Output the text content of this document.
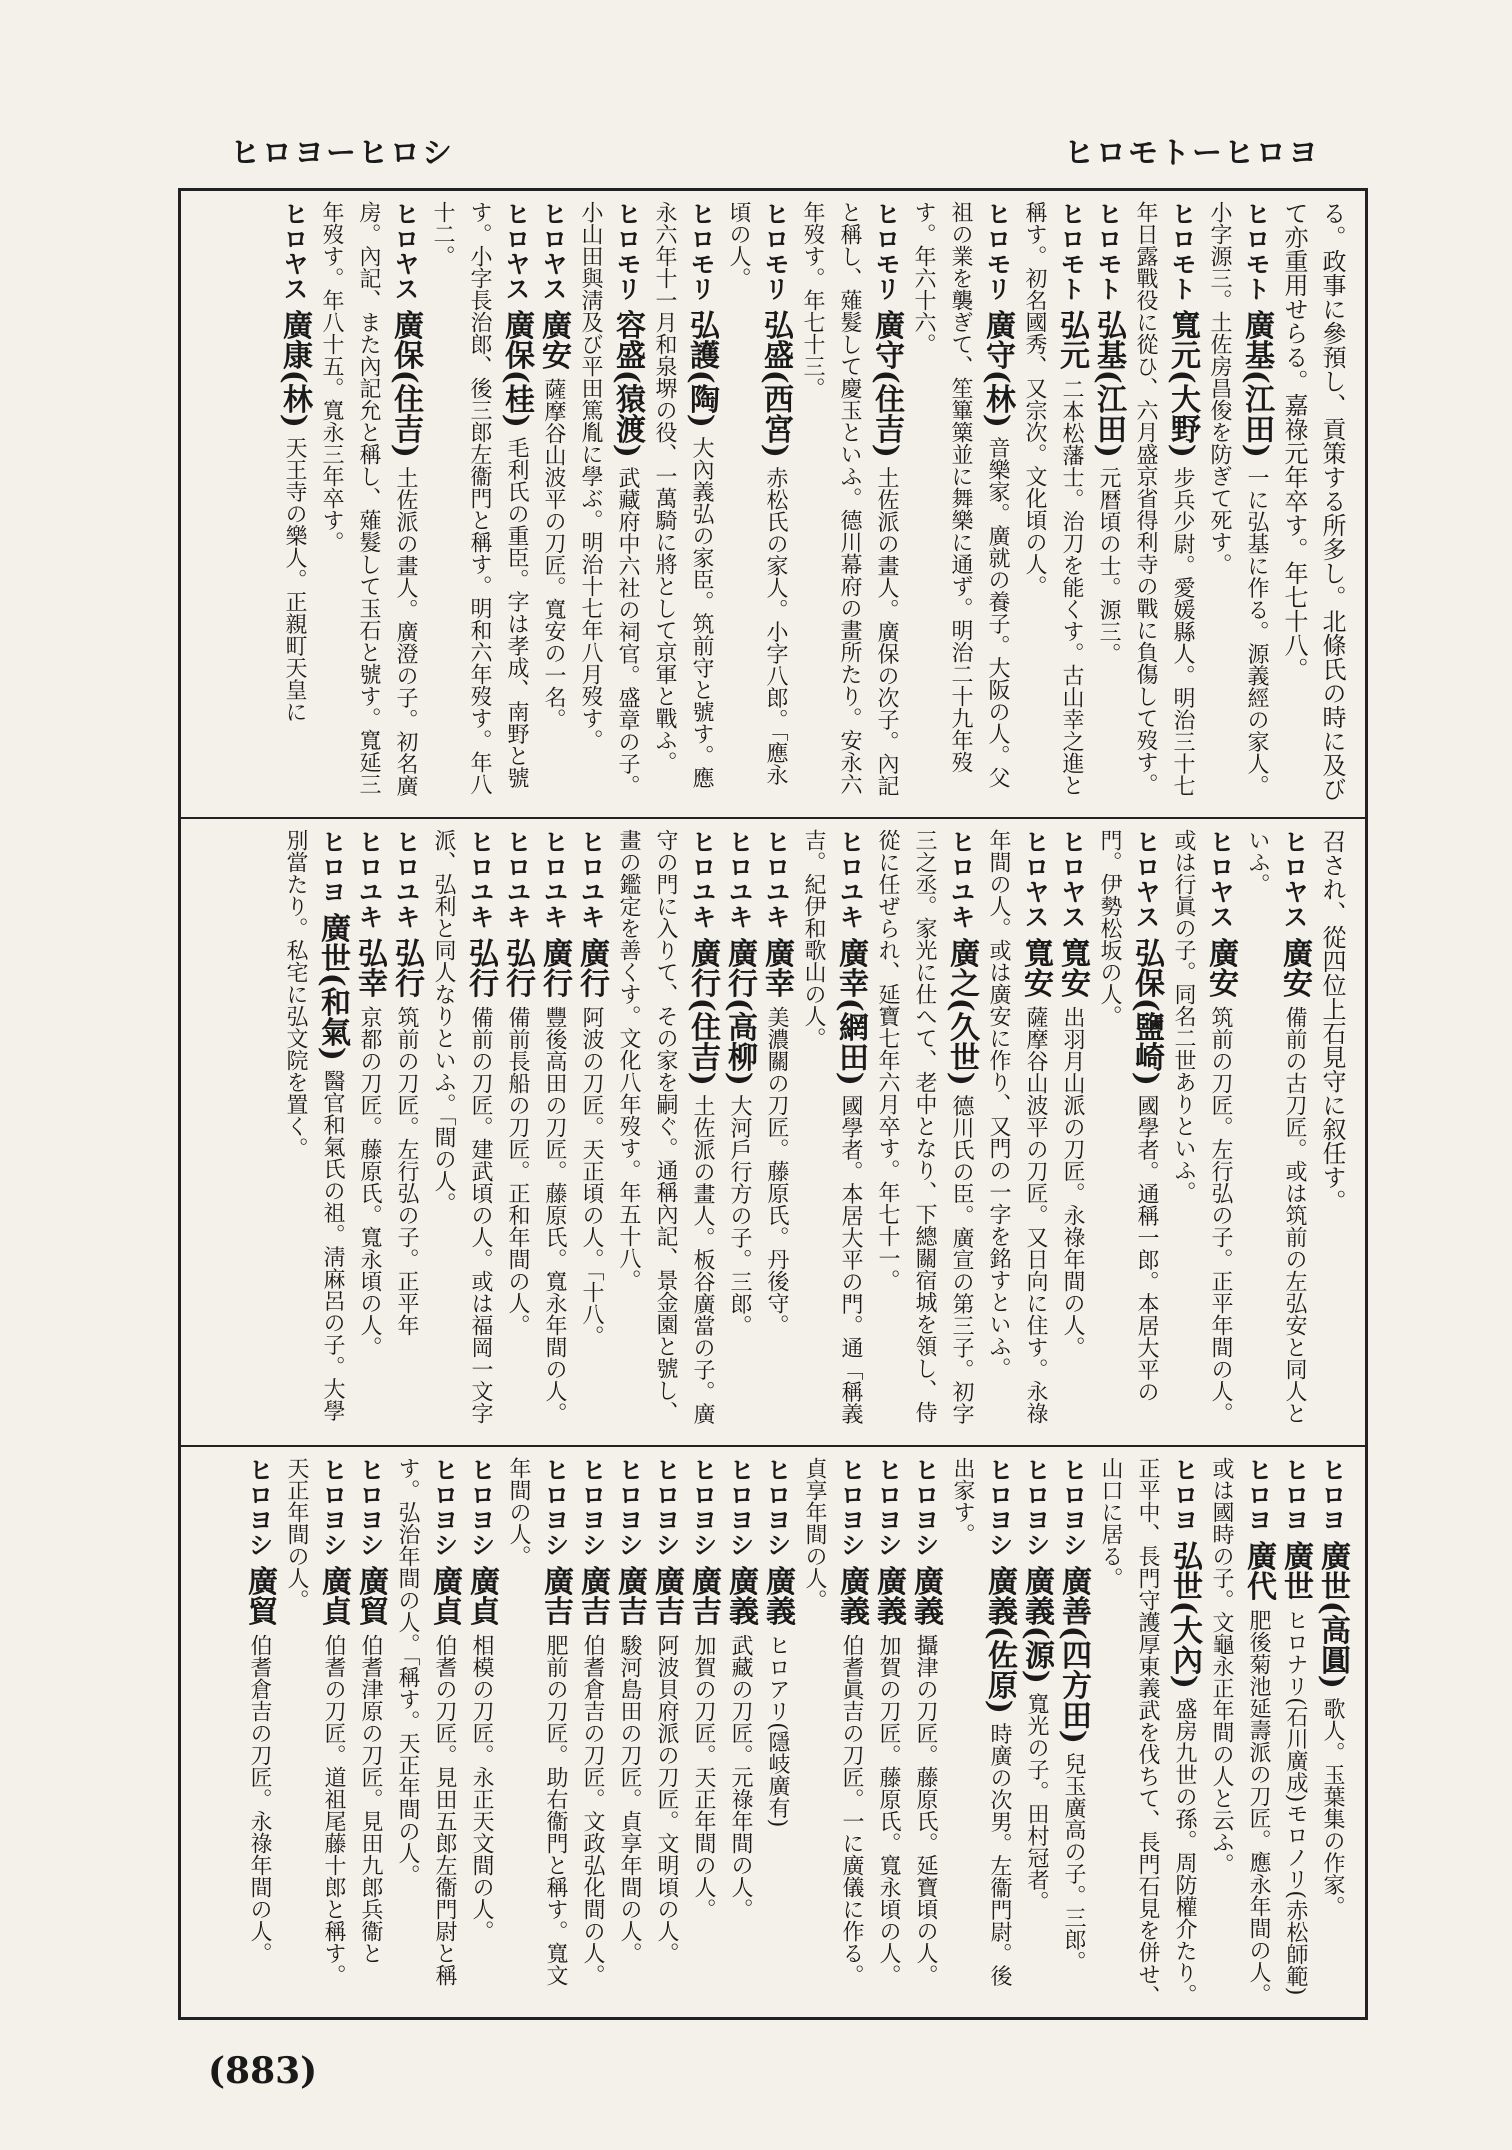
ヒロヨーヒロシ	ヒロモトーヒロヨ

る。政事に參預し、貢策する所多し。北條氏の時に及びて亦重用せらる。嘉祿元年卒す。年七十八。

ヒロモト 廣基(江田) 一に弘基に作る。源義經の家人。小字源三。土佐房昌俊を防ぎて死す。

ヒロモト 寬元(大野) 步兵少尉。愛媛縣人。明治三十七年日露戰役に從ひ、六月盛京省得利寺の戰に負傷して歿す。

ヒロモト 弘基(江田) 元暦頃の士。源三。

ヒロモト 弘元 二本松藩士。治刀を能くす。古山幸之進と稱す。初名國秀、又宗次。文化頃の人。

ヒロモリ 廣守(林) 音樂家。廣就の養子。大阪の人。父祖の業を襲ぎて、笙篳篥並に舞樂に通ず。明治二十九年歿す。年六十六。

ヒロモリ 廣守(住吉) 土佐派の畫人。廣保の次子。內記と稱し、薙髮して慶玉といふ。德川幕府の畫所たり。安永六年歿す。年七十三。

ヒロモリ 弘盛(西宮) 赤松氏の家人。小字八郎。「應永頃の人。

ヒロモリ 弘護(陶) 大內義弘の家臣。筑前守と號す。應永六年十一月和泉堺の役、一萬騎に將として京軍と戰ふ。

ヒロモリ 容盛(猿渡) 武藏府中六社の祠官。盛章の子。小山田與淸及び平田篤胤に學ぶ。明治十七年八月歿す。

ヒロヤス 廣安 薩摩谷山波平の刀匠。寬安の一名。

ヒロヤス 廣保(桂) 毛利氏の重臣。字は孝成、南野と號す。小字長治郎、後三郎左衞門と稱す。明和六年歿す。年八十二。

ヒロヤス 廣保(住吉) 土佐派の畫人。廣澄の子。初名廣房。內記、また內記允と稱し、薙髮して玉石と號す。寬延三年歿す。年八十五。寬永三年卒す。

ヒロヤス 廣康(林) 天王寺の樂人。正親町天皇に

召され、從四位上石見守に叙任す。

ヒロヤス 廣安 備前の古刀匠。或は筑前の左弘安と同人といふ。

ヒロヤス 廣安 筑前の刀匠。左行弘の子。正平年間の人。或は行眞の子。同名二世ありといふ。

ヒロヤス 弘保(鹽崎) 國學者。通稱一郎。本居大平の門。伊勢松坂の人。

ヒロヤス 寬安 出羽月山派の刀匠。永祿年間の人。

ヒロヤス 寬安 薩摩谷山波平の刀匠。又日向に住す。永祿年間の人。或は廣安に作り、又門の一字を銘すといふ。

ヒロユキ 廣之(久世) 德川氏の臣。廣宣の第三子。初字三之丞。家光に仕へて、老中となり、下總關宿城を領し、侍從に任ぜられ、延寶七年六月卒す。年七十一。

ヒロユキ 廣幸(網田) 國學者。本居大平の門。通「稱義吉。紀伊和歌山の人。

ヒロユキ 廣幸 美濃關の刀匠。藤原氏。丹後守。

ヒロユキ 廣行(高柳) 大河戶行方の子。三郎。

ヒロユキ 廣行(住吉) 土佐派の畫人。板谷廣當の子。廣守の門に入りて、その家を嗣ぐ。通稱內記、景金園と號し、畫の鑑定を善くす。文化八年歿す。年五十八。

ヒロユキ 廣行 阿波の刀匠。天正頃の人。「十八。

ヒロユキ 廣行 豐後高田の刀匠。藤原氏。寬永年間の人。

ヒロユキ 弘行 備前長船の刀匠。正和年間の人。

ヒロユキ 弘行 備前の刀匠。建武頃の人。或は福岡一文字派、弘利と同人なりといふ。「間の人。

ヒロユキ 弘行 筑前の刀匠。左行弘の子。正平年

ヒロユキ 弘幸 京都の刀匠。藤原氏。寬永頃の人。

ヒロヨ 廣世(和氣) 醫官和氣氏の祖。淸麻呂の子。大學別當たり。私宅に弘文院を置く。

ヒロヨ 廣世(高圓) 歌人。玉葉集の作家。

ヒロヨ 廣世 ヒロナリ(石川廣成)モロノリ(赤松師範)

ヒロヨ 廣代 肥後菊池延壽派の刀匠。應永年間の人。或は國時の子。文龜永正年間の人と云ふ。

ヒロヨ 弘世(大內) 盛房九世の孫。周防權介たり。正平中、長門守護厚東義武を伐ちて、長門石見を併せ、山口に居る。

ヒロヨシ 廣善(四方田) 兒玉廣高の子。三郎。

ヒロヨシ 廣義(源) 寬光の子。田村冠者。

ヒロヨシ 廣義(佐原) 時廣の次男。左衞門尉。後出家す。

ヒロヨシ 廣義 攝津の刀匠。藤原氏。延寶頃の人。

ヒロヨシ 廣義 加賀の刀匠。藤原氏。寬永頃の人。

ヒロヨシ 廣義 伯耆眞吉の刀匠。一に廣儀に作る。貞享年間の人。

ヒロヨシ 廣義 ヒロアリ(隱岐廣有)

ヒロヨシ 廣義 武藏の刀匠。元祿年間の人。

ヒロヨシ 廣吉 加賀の刀匠。天正年間の人。

ヒロヨシ 廣吉 阿波貝府派の刀匠。文明頃の人。

ヒロヨシ 廣吉 駿河島田の刀匠。貞享年間の人。

ヒロヨシ 廣吉 伯耆倉吉の刀匠。文政弘化間の人。

ヒロヨシ 廣吉 肥前の刀匠。助右衞門と稱す。寬文年間の人。

ヒロヨシ 廣貞 相模の刀匠。永正天文間の人。

ヒロヨシ 廣貞 伯耆の刀匠。見田五郎左衞門尉と稱す。弘治年間の人。「稱す。天正年間の人。

ヒロヨシ 廣貿 伯耆津原の刀匠。見田九郎兵衞と

ヒロヨシ 廣貞 伯耆の刀匠。道祖尾藤十郎と稱す。天正年間の人。

ヒロヨシ 廣貿 伯耆倉吉の刀匠。永祿年間の人。

(883)
